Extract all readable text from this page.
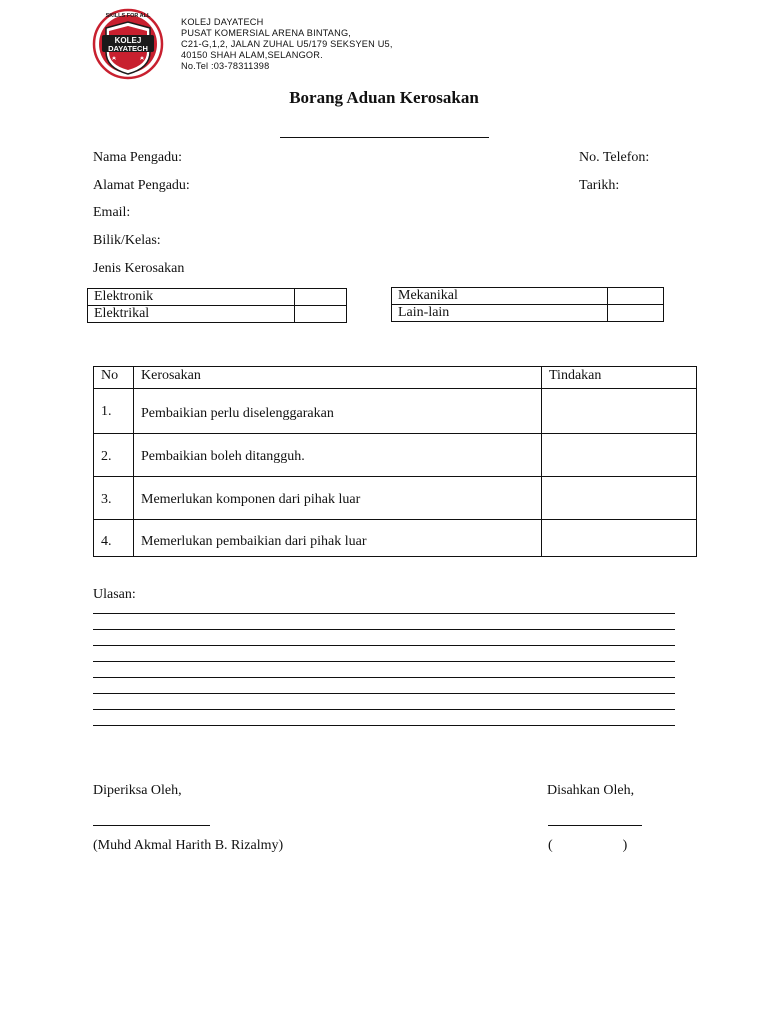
SKILLS FOR ALL
KOLEJ
DAYATECH
KOLEJ DAYATECH
PUSAT KOMERSIAL ARENA BINTANG,
C21-G,1,2, JALAN ZUHAL U5/179 SEKSYEN U5,
40150 SHAH ALAM,SELANGOR.
No.Tel :03-78311398
Borang Aduan Kerosakan
Nama Pengadu:
Alamat Pengadu:
Email:
Bilik/Kelas:
Jenis Kerosakan
No. Telefon:
Tarikh:
Elektronik	
Elektrikal	
Mekanikal	
Lain-lain	
No	Kerosakan	Tindakan
1.	Pembaikian perlu diselenggarakan	
2.	Pembaikian boleh ditangguh.	
3.	Memerlukan komponen dari pihak luar	
4.	Memerlukan pembaikian dari pihak luar	
Ulasan:
Diperiksa Oleh,
(Muhd Akmal Harith B. Rizalmy)
Disahkan Oleh,
(                    )
